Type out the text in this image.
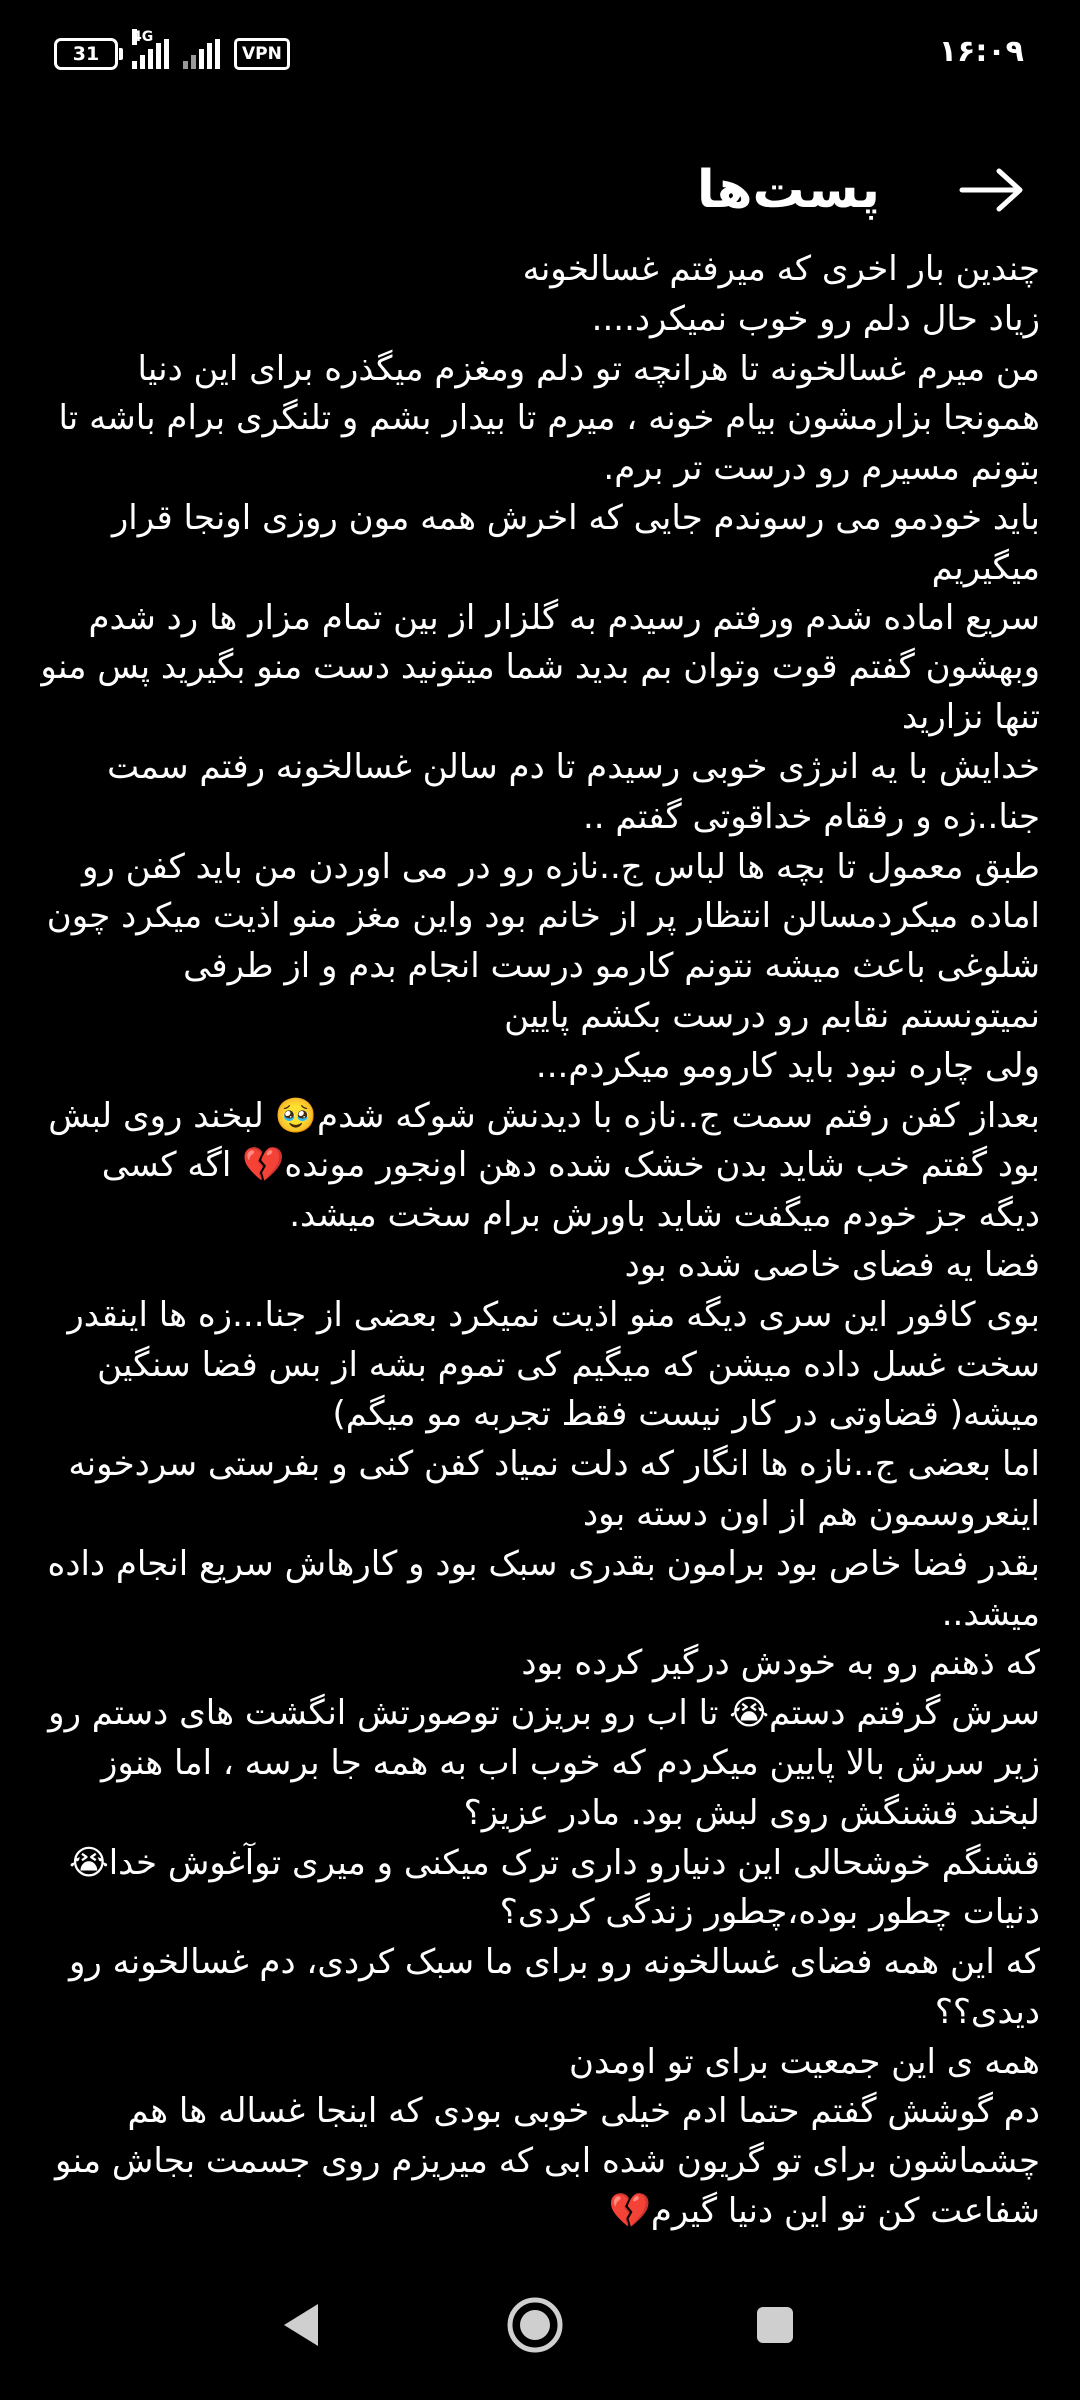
31
4G
VPN	۱۶:۰۹
پست‌ها

چندین بار اخری که میرفتم غسالخونه

زیاد حال دلم رو خوب نمیکرد....

من میرم غسالخونه تا هرانچه تو دلم ومغزم میگذره برای این دنیا همونجا بزارمشون بیام خونه ، میرم تا بیدار بشم و تلنگری برام باشه تا بتونم مسیرم رو درست تر برم.

باید خودمو می رسوندم جایی که اخرش همه مون روزی اونجا قرار میگیریم

سریع اماده شدم ورفتم رسیدم به گلزار از بین تمام مزار ها رد شدم وبهشون گفتم قوت وتوان بم بدید شما میتونید دست منو بگیرید پس منو تنها نزارید

خدایش با یه انرژی خوبی رسیدم تا دم سالن غسالخونه رفتم سمت جنا..زه و رفقام خداقوتی گفتم ..

طبق معمول تا بچه ها لباس ج..نازه رو در می اوردن من باید کفن رو اماده میکردمسالن انتظار پر از خانم بود واین مغز منو اذیت میکرد چون شلوغی باعث میشه نتونم کارمو درست انجام بدم و از طرفی نمیتونستم نقابم رو درست بکشم پایین

ولی چاره نبود باید کارومو میکردم...

بعداز کفن رفتم سمت ج..نازه با دیدنش شوکه شدم🥹 لبخند روی لبش بود گفتم خب شاید بدن خشک شده دهن اونجور مونده💔 اگه کسی دیگه جز خودم میگفت شاید باورش برام سخت میشد.

فضا یه فضای خاصی شده بود

بوی کافور این سری دیگه منو اذیت نمیکرد بعضی از جنا...زه ها اینقدر سخت غسل داده میشن که میگیم کی تموم بشه از بس فضا سنگین میشه( قضاوتی در کار نیست فقط تجربه مو میگم)

اما بعضی ج..نازه ها انگار که دلت نمیاد کفن کنی و بفرستی سردخونه اینعروسمون هم از اون دسته بود

بقدر فضا خاص بود برامون بقدری سبک بود و کارهاش سریع انجام داده میشد..

که ذهنم رو به خودش درگیر کرده بود

سرش گرفتم دستم😭 تا اب رو بریزن توصورتش انگشت های دستم رو زیر سرش بالا پایین میکردم که خوب اب به همه جا برسه ، اما هنوز لبخند قشنگش روی لبش بود. مادر عزیز؟

قشنگم خوشحالی این دنیارو داری ترک میکنی و میری توآغوش خدا😭 دنیات چطور بوده،چطور زندگی کردی؟

که این همه فضای غسالخونه رو برای ما سبک کردی، دم غسالخونه رو دیدی؟؟

همه ی این جمعیت برای تو اومدن

دم گوشش گفتم حتما ادم خیلی خوبی بودی که اینجا غساله ها هم چشماشون برای تو گریون شده ابی که میریزم روی جسمت بجاش منو شفاعت کن تو این دنیا گیرم💔
